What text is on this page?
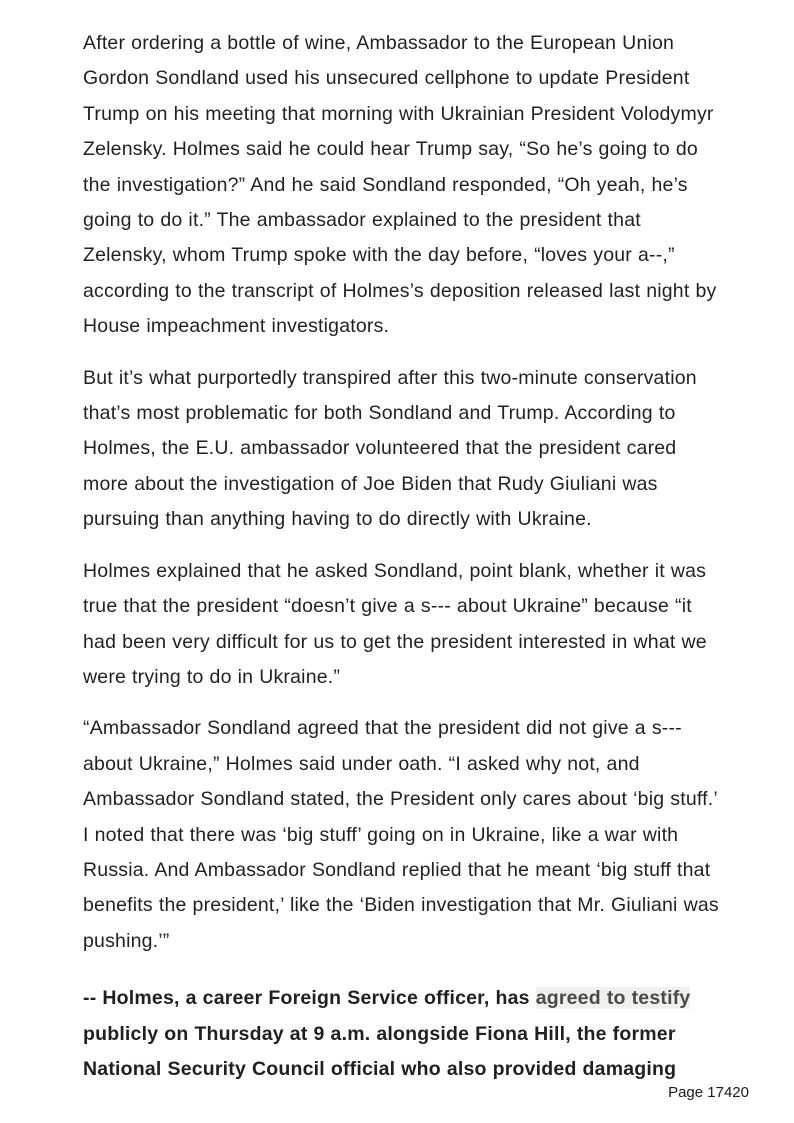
After ordering a bottle of wine, Ambassador to the European Union Gordon Sondland used his unsecured cellphone to update President Trump on his meeting that morning with Ukrainian President Volodymyr Zelensky. Holmes said he could hear Trump say, “So he’s going to do the investigation?” And he said Sondland responded, “Oh yeah, he’s going to do it.” The ambassador explained to the president that Zelensky, whom Trump spoke with the day before, “loves your a--,” according to the transcript of Holmes’s deposition released last night by House impeachment investigators.

But it’s what purportedly transpired after this two-minute conservation that’s most problematic for both Sondland and Trump. According to Holmes, the E.U. ambassador volunteered that the president cared more about the investigation of Joe Biden that Rudy Giuliani was pursuing than anything having to do directly with Ukraine.

Holmes explained that he asked Sondland, point blank, whether it was true that the president “doesn’t give a s--- about Ukraine” because “it had been very difficult for us to get the president interested in what we were trying to do in Ukraine.”

“Ambassador Sondland agreed that the president did not give a s--- about Ukraine,” Holmes said under oath. “I asked why not, and Ambassador Sondland stated, the President only cares about ‘big stuff.’ I noted that there was ‘big stuff’ going on in Ukraine, like a war with Russia. And Ambassador Sondland replied that he meant ‘big stuff that benefits the president,’ like the ‘Biden investigation that Mr. Giuliani was pushing.’”

-- Holmes, a career Foreign Service officer, has agreed to testify publicly on Thursday at 9 a.m. alongside Fiona Hill, the former National Security Council official who also provided damaging

Page 17420
